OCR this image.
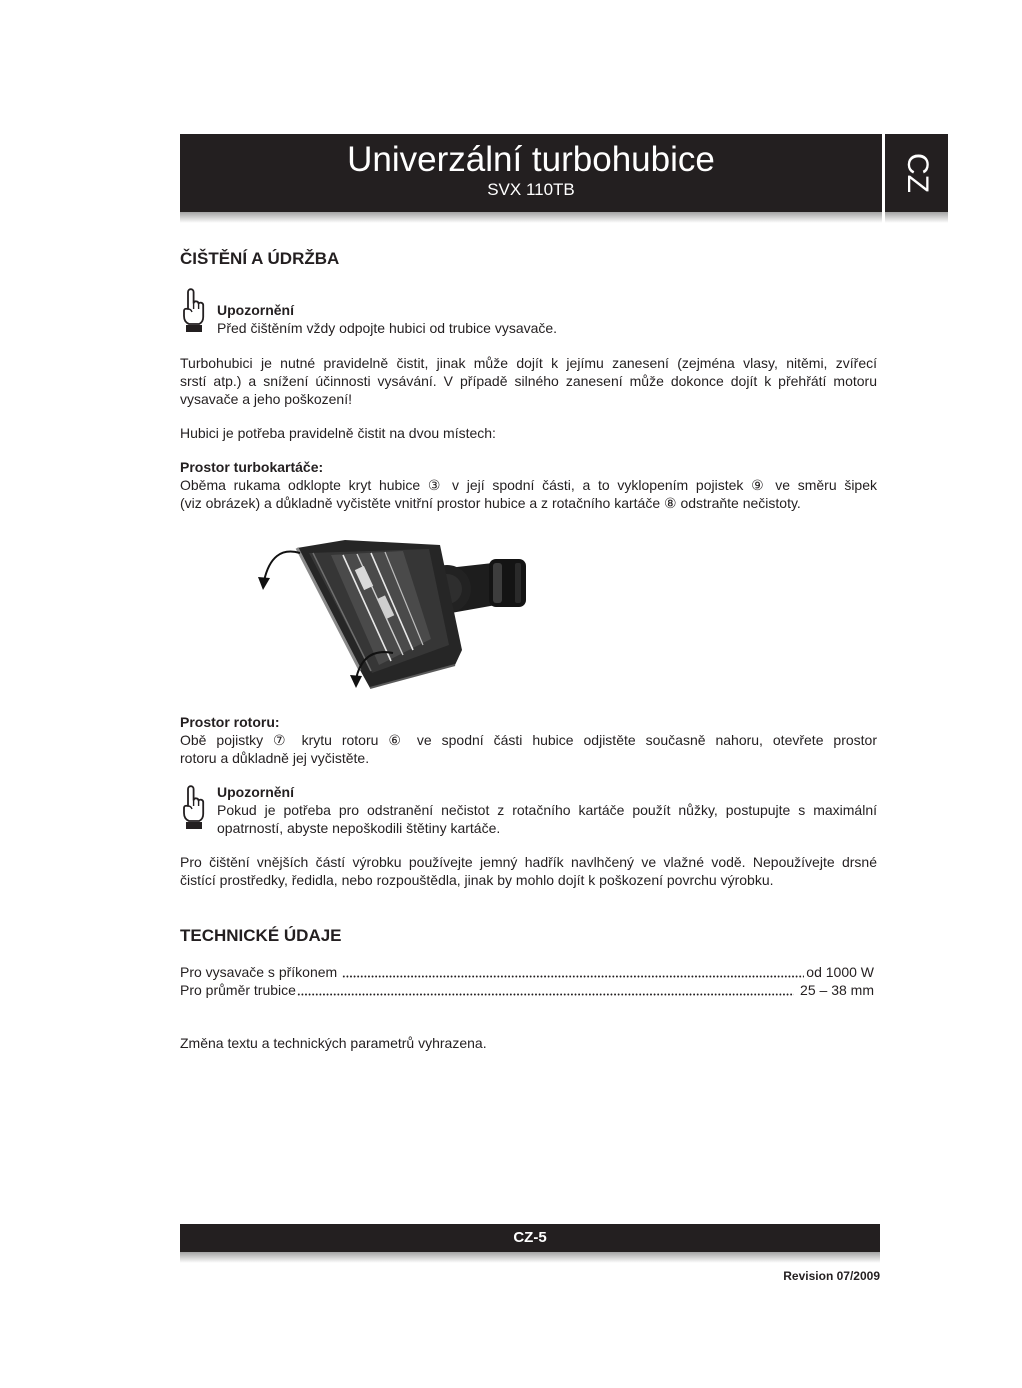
Univerzální turbohubice
SVX 110TB	CZ
ČIŠTĚNÍ A ÚDRŽBA
Upozornění
Před čištěním vždy odpojte hubici od trubice vysavače.
Turbohubici je nutné pravidelně čistit, jinak může dojít k jejímu zanesení (zejména vlasy, nitěmi, zvířecí
srstí atp.) a snížení účinnosti vysávání. V případě silného zanesení může dokonce dojít k přehřátí motoru
vysavače a jeho poškození!
Hubici je potřeba pravidelně čistit na dvou místech:
Prostor turbokartáče:
Oběma rukama odklopte kryt hubice ③ v její spodní části, a to vyklopením pojistek ⑨ ve směru šipek
(viz obrázek) a důkladně vyčistěte vnitřní prostor hubice a z rotačního kartáče ⑧ odstraňte nečistoty.
Prostor rotoru:
Obě pojistky ⑦ krytu rotoru ⑥ ve spodní části hubice odjistěte současně nahoru, otevřete prostor
rotoru a důkladně jej vyčistěte.
Upozornění
Pokud je potřeba pro odstranění nečistot z rotačního kartáče použít nůžky, postupujte s maximální
opatrností, abyste nepoškodili štětiny kartáče.
Pro čištění vnějších částí výrobku používejte jemný hadřík navlhčený ve vlažné vodě. Nepoužívejte drsné
čistící prostředky, ředidla, nebo rozpouštědla, jinak by mohlo dojít k poškození povrchu výrobku.
TECHNICKÉ ÚDAJE
Pro vysavače s příkonem	od 1000 W
Pro průměr trubice	25 – 38 mm
Změna textu a technických parametrů vyhrazena.
CZ-5
Revision 07/2009
